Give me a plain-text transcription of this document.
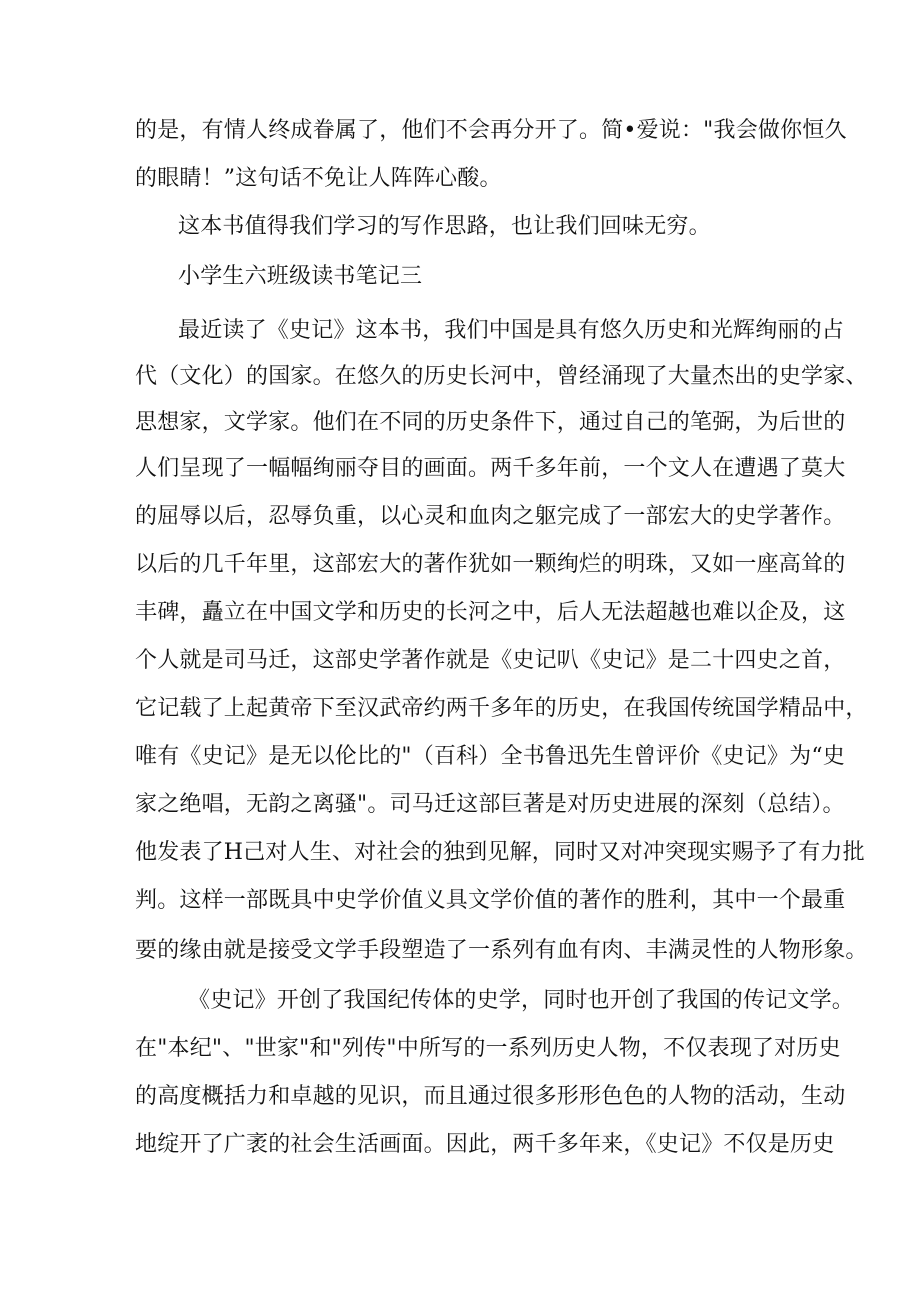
的是，有情人终成眷属了，他们不会再分开了。简•爱说："我会做你恒久
的眼睛！”这句话不免让人阵阵心酸。
这本书值得我们学习的写作思路，也让我们回味无穷。
小学生六班级读书笔记三
最近读了《史记》这本书，我们中国是具有悠久历史和光辉绚丽的占
代（文化）的国家。在悠久的历史长河中，曾经涌现了大量杰出的史学家、
思想家，文学家。他们在不同的历史条件下，通过自己的笔弼，为后世的
人们呈现了一幅幅绚丽夺目的画面。两千多年前，一个文人在遭遇了莫大
的屈辱以后，忍辱负重，以心灵和血肉之躯完成了一部宏大的史学著作。
以后的几千年里，这部宏大的著作犹如一颗绚烂的明珠，又如一座高耸的
丰碑，矗立在中国文学和历史的长河之中，后人无法超越也难以企及，这
个人就是司马迁，这部史学著作就是《史记叭《史记》是二十四史之首，
它记载了上起黄帝下至汉武帝约两千多年的历史，在我国传统国学精品中，
唯有《史记》是无以伦比的"（百科）全书鲁迅先生曾评价《史记》为“史
家之绝唱，无韵之离骚"。司马迁这部巨著是对历史进展的深刻（总结）。
他发表了H己对人生、对社会的独到见解，同时又对冲突现实赐予了有力批
判。这样一部既具中史学价值义具文学价值的著作的胜利，其中一个最重
要的缘由就是接受文学手段塑造了一系列有血有肉、丰满灵性的人物形象。
《史记》开创了我国纪传体的史学，同时也开创了我国的传记文学。
在"本纪"、"世家"和"列传"中所写的一系列历史人物，不仅表现了对历史
的高度概括力和卓越的见识，而且通过很多形形色色的人物的活动，生动
地绽开了广袤的社会生活画面。因此，两千多年来，《史记》不仅是历史
